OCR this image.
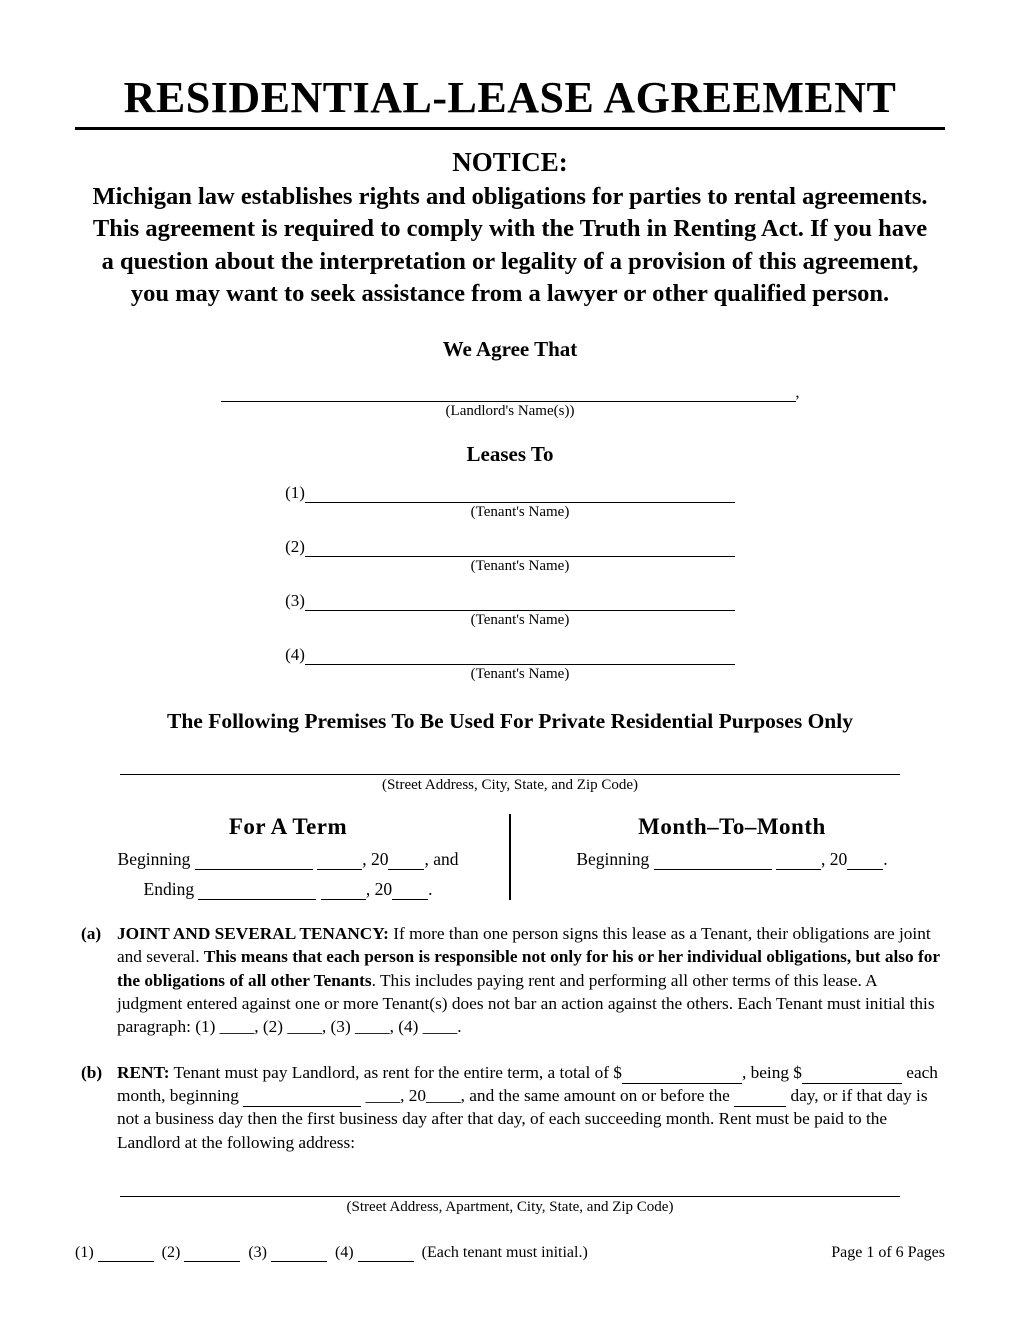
RESIDENTIAL-LEASE AGREEMENT
NOTICE:
Michigan law establishes rights and obligations for parties to rental agreements. This agreement is required to comply with the Truth in Renting Act. If you have a question about the interpretation or legality of a provision of this agreement, you may want to seek assistance from a lawyer or other qualified person.
We Agree That
,
(Landlord's Name(s))
Leases To
(1)
(Tenant's Name)
(2)
(Tenant's Name)
(3)
(Tenant's Name)
(4)
(Tenant's Name)
The Following Premises To Be Used For Private Residential Purposes Only
(Street Address, City, State, and Zip Code)
For A Term
Beginning	, 20 , and
Ending	, 20 .
Month–To–Month
Beginning	, 20 .
(a) JOINT AND SEVERAL TENANCY: If more than one person signs this lease as a Tenant, their obligations are joint and several. This means that each person is responsible not only for his or her individual obligations, but also for the obligations of all other Tenants. This includes paying rent and performing all other terms of this lease. A judgment entered against one or more Tenant(s) does not bar an action against the others. Each Tenant must initial this paragraph: (1) ____, (2) ____, (3) ____, (4) ____.
(b) RENT: Tenant must pay Landlord, as rent for the entire term, a total of $	, being $	each month, beginning	____, 20____, and the same amount on or before the	day, or if that day is not a business day then the first business day after that day, of each succeeding month. Rent must be paid to the Landlord at the following address:
(Street Address, Apartment, City, State, and Zip Code)
(1)	(2)	(3)	(4)	(Each tenant must initial.)	Page 1 of 6 Pages
